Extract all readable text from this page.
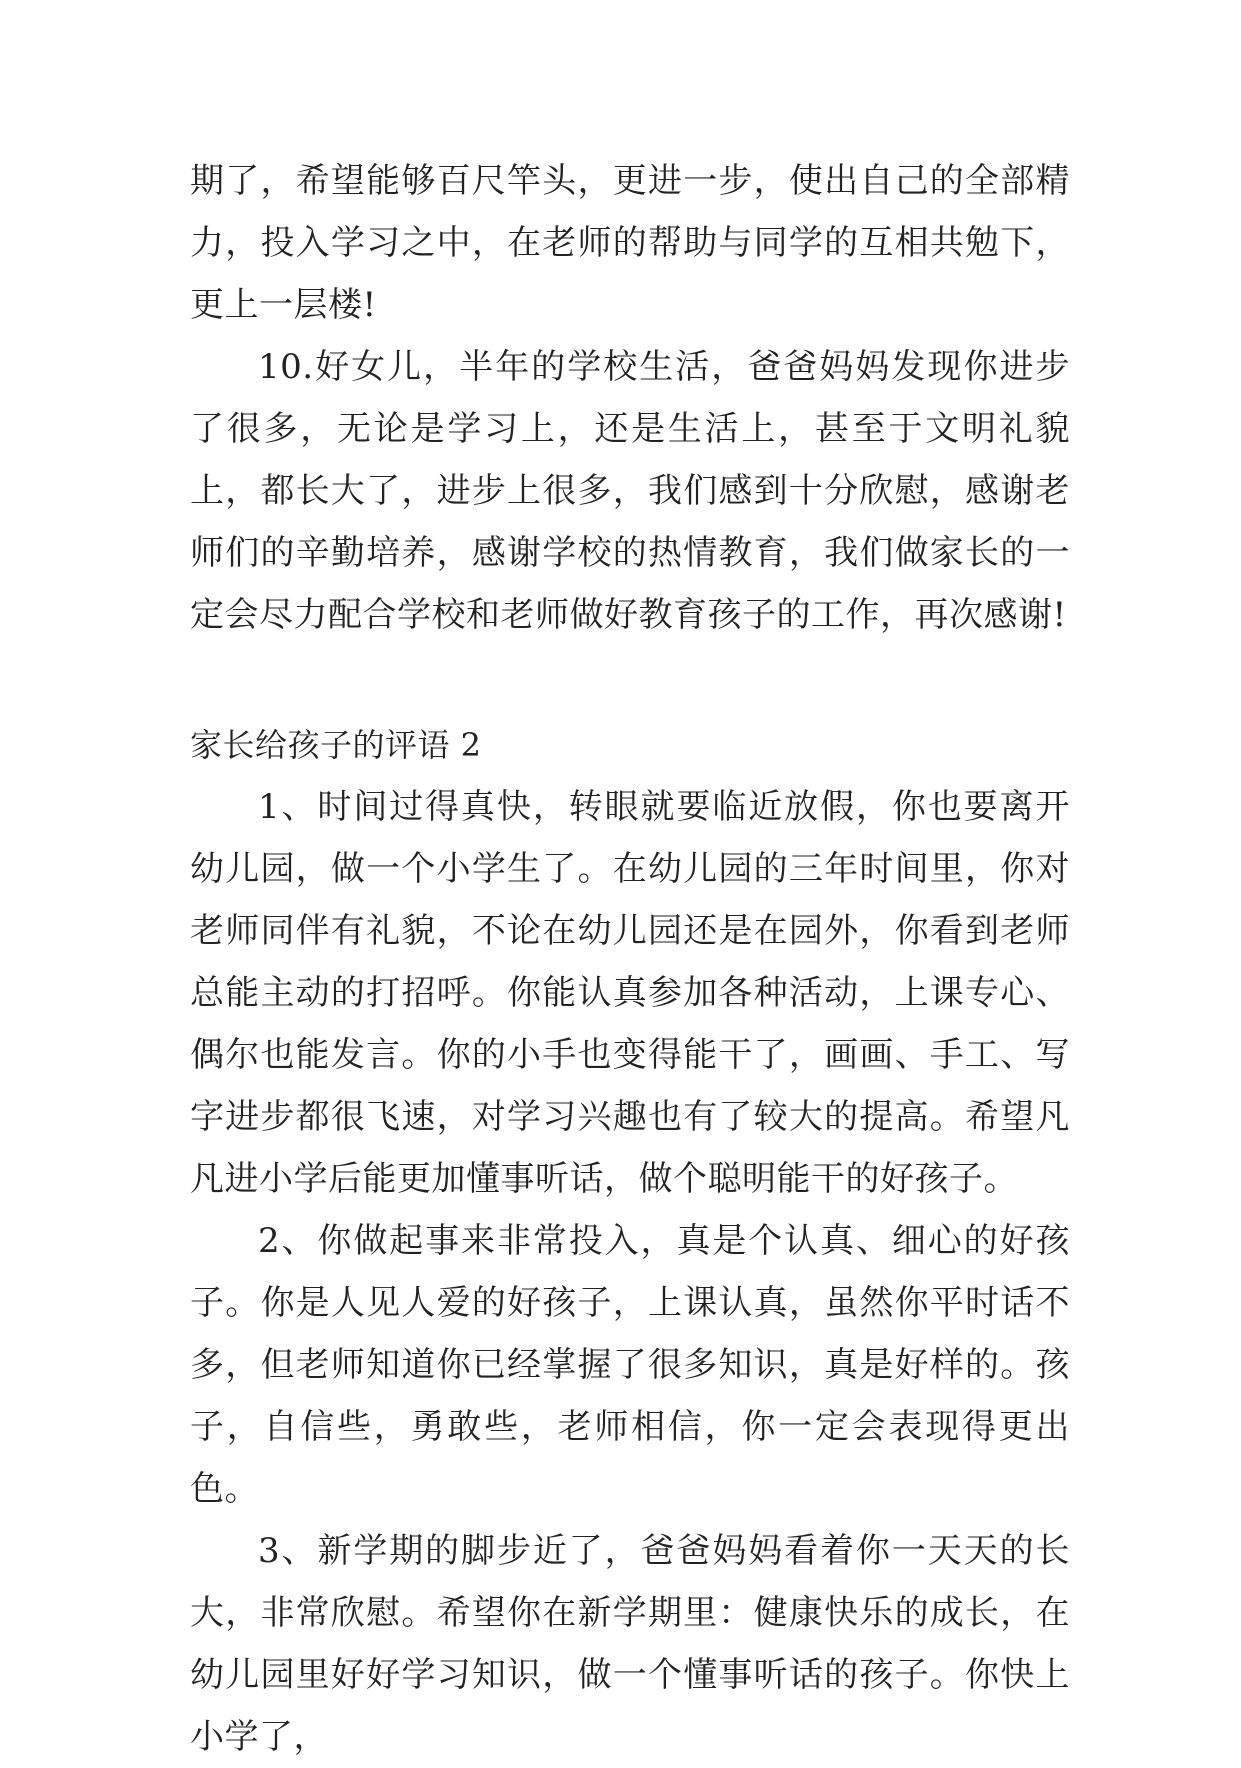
期了，希望能够百尺竿头，更进一步，使出自己的全部精力，投入学习之中，在老师的帮助与同学的互相共勉下，更上一层楼!

10.好女儿，半年的学校生活，爸爸妈妈发现你进步了很多，无论是学习上，还是生活上，甚至于文明礼貌上，都长大了，进步上很多，我们感到十分欣慰，感谢老师们的辛勤培养，感谢学校的热情教育，我们做家长的一定会尽力配合学校和老师做好教育孩子的工作，再次感谢!

家长给孩子的评语 2

1、时间过得真快，转眼就要临近放假，你也要离开幼儿园，做一个小学生了。在幼儿园的三年时间里，你对老师同伴有礼貌，不论在幼儿园还是在园外，你看到老师总能主动的打招呼。你能认真参加各种活动，上课专心、偶尔也能发言。你的小手也变得能干了，画画、手工、写字进步都很飞速，对学习兴趣也有了较大的提高。希望凡凡进小学后能更加懂事听话，做个聪明能干的好孩子。

2、你做起事来非常投入，真是个认真、细心的好孩子。你是人见人爱的好孩子，上课认真，虽然你平时话不多，但老师知道你已经掌握了很多知识，真是好样的。孩子，自信些，勇敢些，老师相信，你一定会表现得更出色。

3、新学期的脚步近了，爸爸妈妈看着你一天天的长大，非常欣慰。希望你在新学期里：健康快乐的成长，在幼儿园里好好学习知识，做一个懂事听话的孩子。你快上小学了，
